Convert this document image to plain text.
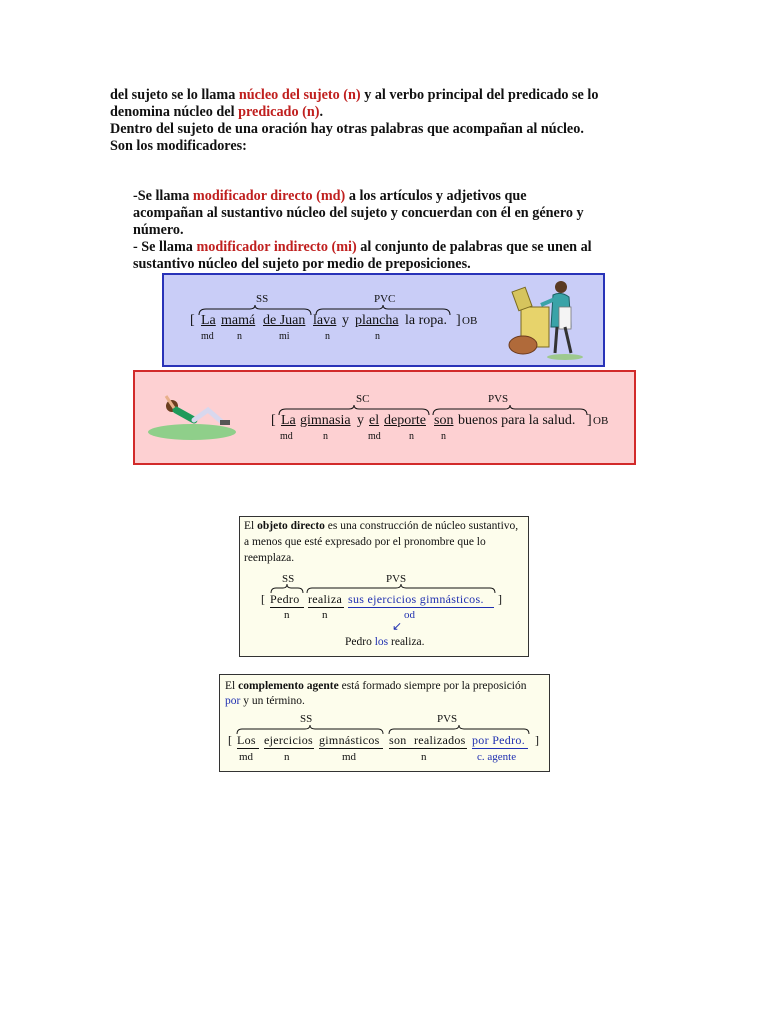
del sujeto se lo llama núcleo del sujeto (n) y al verbo principal del predicado se lo
denomina núcleo del predicado (n).
Dentro del sujeto de una oración hay otras palabras que acompañan al núcleo.
Son los modificadores:
-Se llama modificador directo (md) a los artículos y adjetivos que
acompañan al sustantivo núcleo del sujeto y concuerdan con él en género y
número.
- Se llama modificador indirecto (mi) al conjunto de palabras que se unen al
sustantivo núcleo del sujeto por medio de preposiciones.
SS	PVC
[ La mamá de Juan lava y plancha la ropa. ] OB
md n	mi	n	n
SC	PVS
[ La gimnasia y el deporte son buenos para la salud. ] OB
md	n	md	n	n
El objeto directo es una construcción de núcleo sustantivo,
a menos que esté expresado por el pronombre que lo
reemplaza.
SS	PVS
[ Pedro realiza sus ejercicios gimnásticos. ]
n	n	od
↙
Pedro los realiza.
El complemento agente está formado siempre por la preposición
por y un término.
SS	PVS
[ Los ejercicios gimnásticos son realizados por Pedro. ]
md	n	md	n	c. agente
